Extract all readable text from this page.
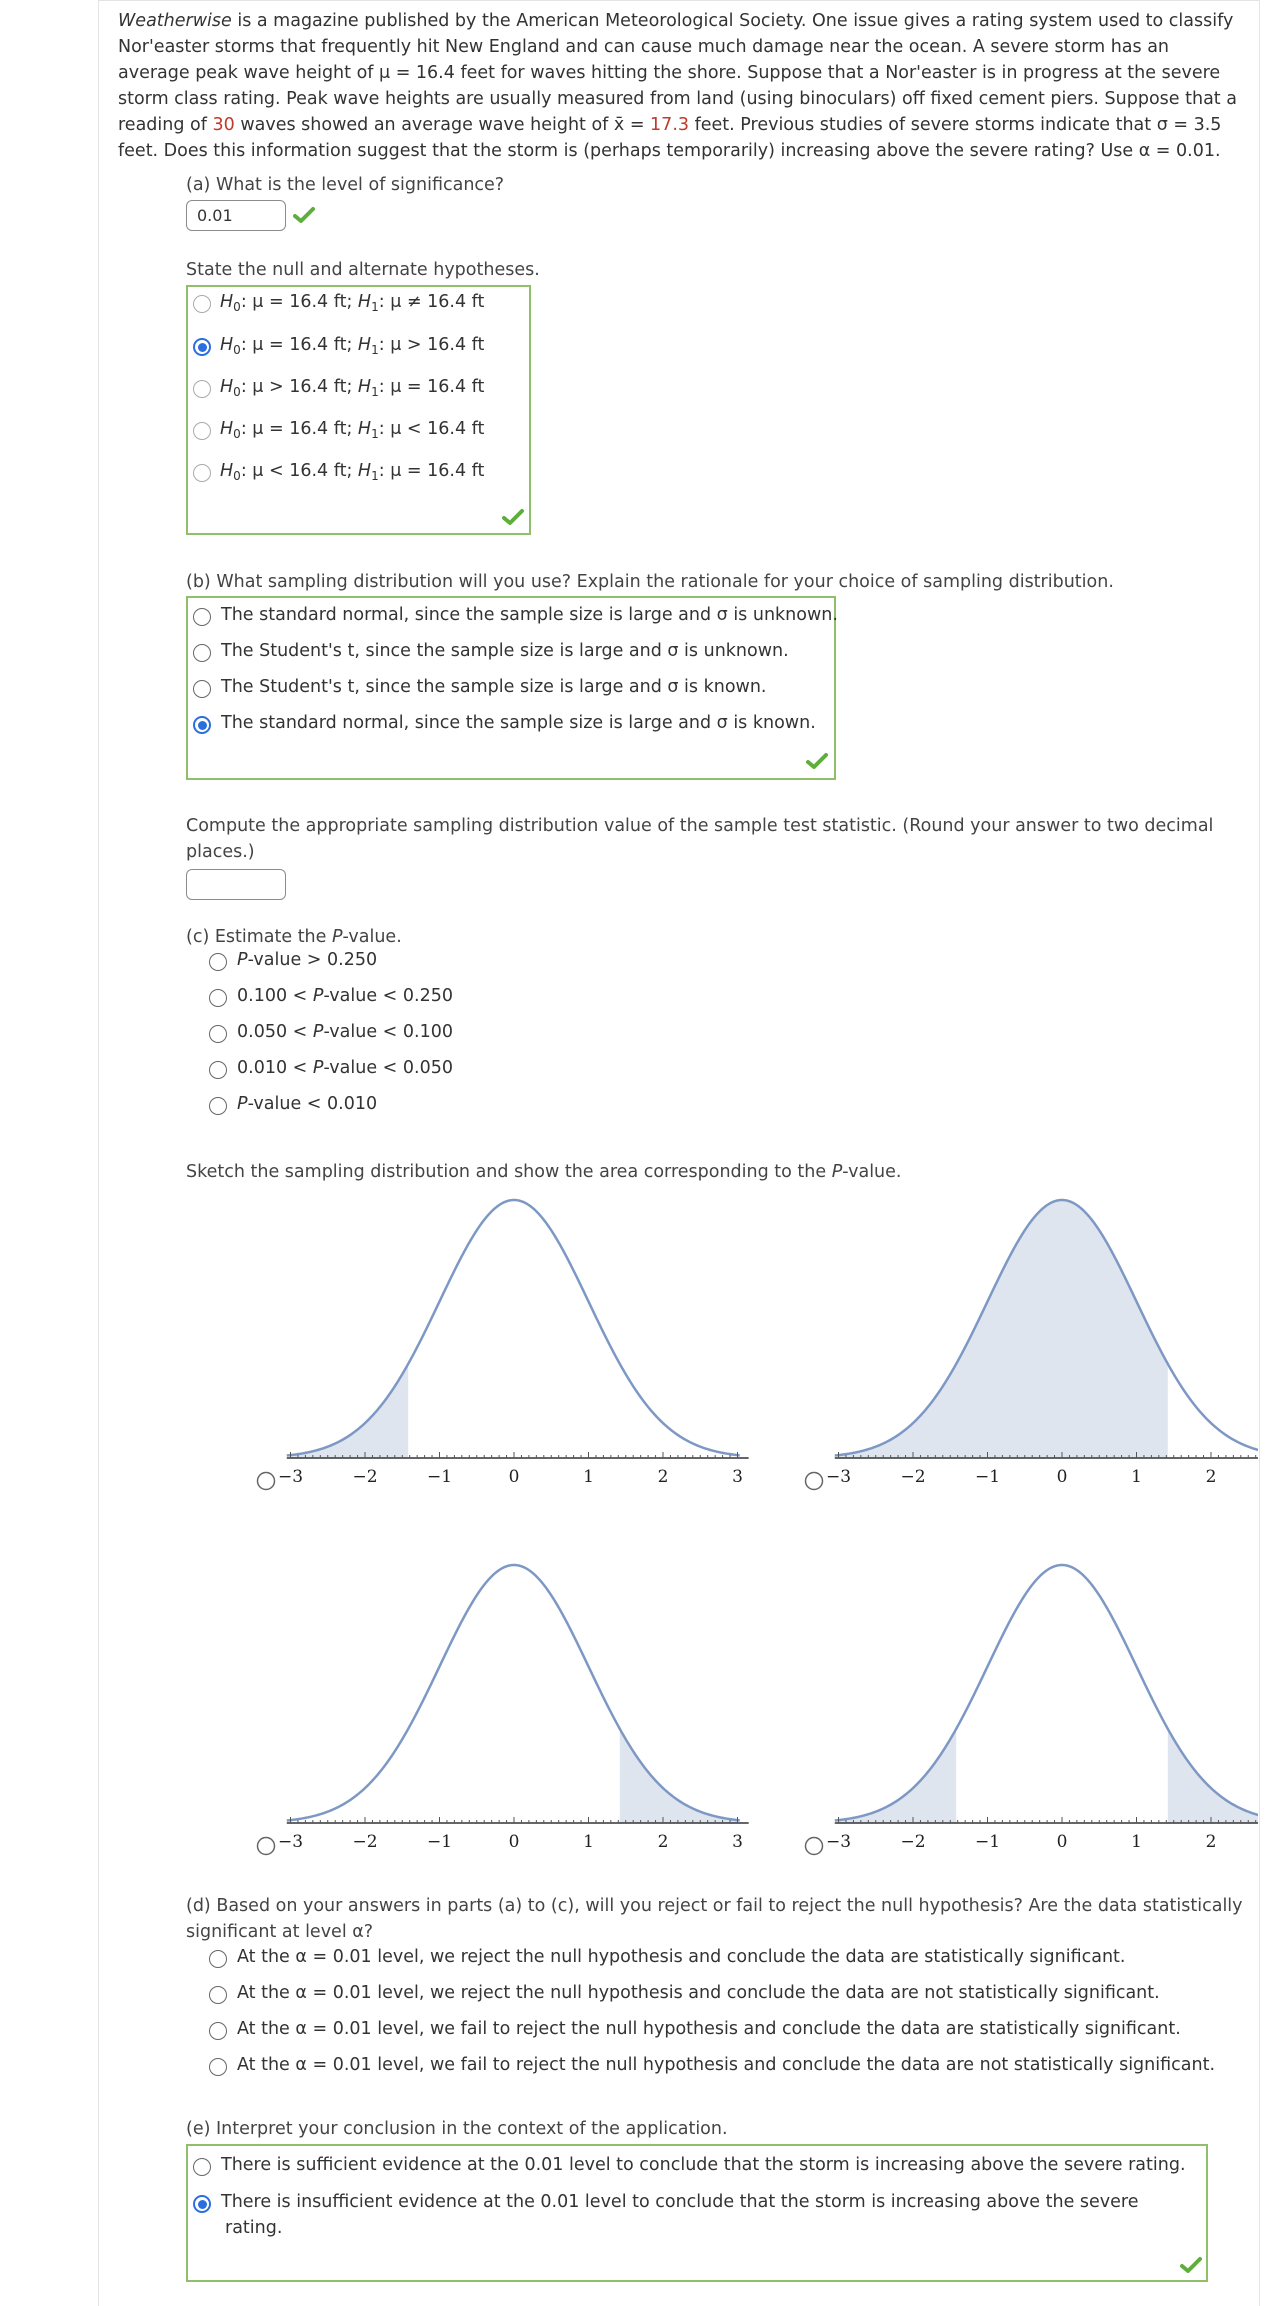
Weatherwise is a magazine published by the American Meteorological Society. One issue gives a rating system used to classify Nor'easter storms that frequently hit New England and can cause much damage near the ocean. A severe storm has an average peak wave height of μ = 16.4 feet for waves hitting the shore. Suppose that a Nor'easter is in progress at the severe storm class rating. Peak wave heights are usually measured from land (using binoculars) off fixed cement piers. Suppose that a reading of 30 waves showed an average wave height of x̄ = 17.3 feet. Previous studies of severe storms indicate that σ = 3.5 feet. Does this information suggest that the storm is (perhaps temporarily) increasing above the severe rating? Use α = 0.01.
(a) What is the level of significance?
0.01
State the null and alternate hypotheses.
$H_0$: μ = 16.4 ft; $H_1$: μ ≠ 16.4 ft
$H_0$: μ = 16.4 ft; $H_1$: μ > 16.4 ft
$H_0$: μ > 16.4 ft; $H_1$: μ = 16.4 ft
$H_0$: μ = 16.4 ft; $H_1$: μ < 16.4 ft
$H_0$: μ < 16.4 ft; $H_1$: μ = 16.4 ft
(b) What sampling distribution will you use? Explain the rationale for your choice of sampling distribution.
The standard normal, since the sample size is large and σ is unknown.
The Student's t, since the sample size is large and σ is unknown.
The Student's t, since the sample size is large and σ is known.
The standard normal, since the sample size is large and σ is known.
Compute the appropriate sampling distribution value of the sample test statistic. (Round your answer to two decimal
places.)
(c) Estimate the P-value.
P-value > 0.250
0.100 < P-value < 0.250
0.050 < P-value < 0.100
0.010 < P-value < 0.050
P-value < 0.010
Sketch the sampling distribution and show the area corresponding to the P-value.
−3	−2	−1	0	1	2	3	−3	−2	−1	0	1	2
−3	−2	−1	0	1	2	3	−3	−2	−1	0	1	2
(d) Based on your answers in parts (a) to (c), will you reject or fail to reject the null hypothesis? Are the data statistically
significant at level α?
At the α = 0.01 level, we reject the null hypothesis and conclude the data are statistically significant.
At the α = 0.01 level, we reject the null hypothesis and conclude the data are not statistically significant.
At the α = 0.01 level, we fail to reject the null hypothesis and conclude the data are statistically significant.
At the α = 0.01 level, we fail to reject the null hypothesis and conclude the data are not statistically significant.
(e) Interpret your conclusion in the context of the application.
There is sufficient evidence at the 0.01 level to conclude that the storm is increasing above the severe rating.
There is insufficient evidence at the 0.01 level to conclude that the storm is increasing above the severe
rating.
